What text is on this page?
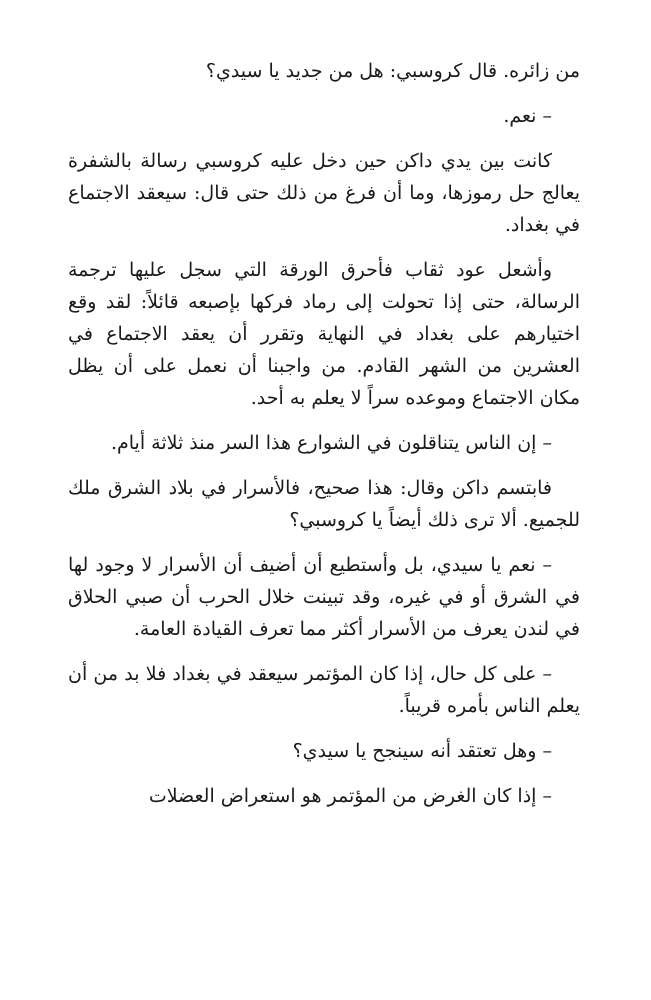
من زائره. قال كروسبي: هل من جديد يا سيدي؟

– نعم.

كانت بين يدي داكن حين دخل عليه كروسبي رسالة بالشفرة يعالج حل رموزها، وما أن فرغ من ذلك حتى قال: سيعقد الاجتماع في بغداد.

وأشعل عود ثقاب فأحرق الورقة التي سجل عليها ترجمة الرسالة، حتى إذا تحولت إلى رماد فركها بإصبعه قائلاً: لقد وقع اختيارهم على بغداد في النهاية وتقرر أن يعقد الاجتماع في العشرين من الشهر القادم. من واجبنا أن نعمل على أن يظل مكان الاجتماع وموعده سراً لا يعلم به أحد.

– إن الناس يتناقلون في الشوارع هذا السر منذ ثلاثة أيام.

فابتسم داكن وقال: هذا صحيح، فالأسرار في بلاد الشرق ملك للجميع. ألا ترى ذلك أيضاً يا كروسبي؟

– نعم يا سيدي، بل وأستطيع أن أضيف أن الأسرار لا وجود لها في الشرق أو في غيره، وقد تبينت خلال الحرب أن صبي الحلاق في لندن يعرف من الأسرار أكثر مما تعرف القيادة العامة.

– على كل حال، إذا كان المؤتمر سيعقد في بغداد فلا بد من أن يعلم الناس بأمره قريباً.

– وهل تعتقد أنه سينجح يا سيدي؟

– إذا كان الغرض من المؤتمر هو استعراض العضلات
